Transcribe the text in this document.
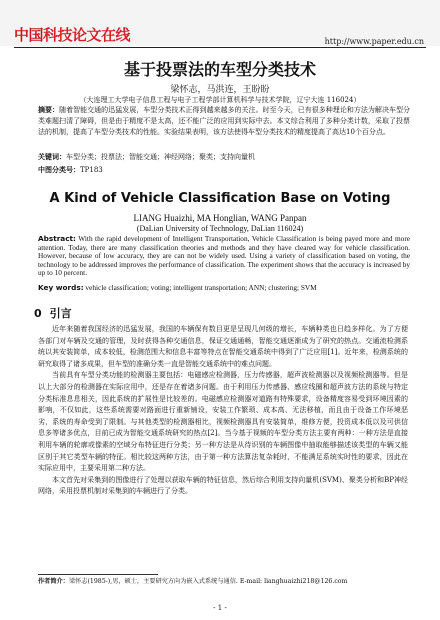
中国科技论文在线	http://www.paper.edu.cn
基于投票法的车型分类技术
梁怀志，马洪连，王盼盼
（大连理工大学电子信息工程与电子工程学部计算机科学与技术学院，辽宁大连 116024）
摘要：随着智能交通的迅猛发展，车型分类技术正得到越来越多的关注。时至今天，已有很多种理论和方法为解决车型分类难题扫清了障碍，但是由于精度不是太高，还不能广泛的应用到实际中去。本文综合利用了多种分类计数，采取了投票法的机制，提高了车型分类技术的性能。实验结果表明，该方法使得车型分类技术的精度提高了高达10个百分点。
关键词：车型分类；投票法；智能交通；神经网络；聚类；支持向量机
中图分类号：TP183
A Kind of Vehicle Classification Base on Voting
LIANG Huaizhi, MA Honglian, WANG Panpan
(DaLian University of Technology, DaLian 116024)
Abstract: With the rapid development of Intelligent Transportation, Vehicle Classification is being payed more and more attention. Today, there are many classification theories and methods and they have cleared way for vehicle classification. However, because of low accuracy, they are can not be widely used. Using a variety of classification based on voting, the technology to be addressed improves the performance of classification. The experiment shows that the accuracy is increased by up to 10 percent.
Key words: vehicle classification; voting; intelligent transportation; ANN; clustering; SVM
0 引言

近年来随着我国经济的迅猛发展，我国的车辆保有数目更是呈现几何级的增长，车辆种类也日趋多样化。为了方便各部门对车辆及交通的管理，及时获得各种交通信息，保证交通通畅，智能交通逐渐成为了研究的热点。交通流检测系统以其安装简单，成本较低，检测范围大和信息丰富等特点在智能交通系统中得到了广泛应用[1]。近年来，检测系统的研究取得了诸多成果，但车型的准确分类一直是智能交通系统中的难点问题。

当前具有车型分类功能的检测器主要包括：电磁感应检测器，压力传感器，超声波检测器以及视频检测器等。但是以上大部分的检测器在实际应用中，还是存在着诸多问题。由于利用压力传感器、感应线圈和超声波方法的系统与特定分类标准息息相关，因此系统的扩展性是比较差的。电磁感应检测器对道路有特殊要求，设备精度容易受到环境因素的影响，不仅如此，这些系统需要对路面进行重新铺设，安装工作繁琐、成本高、无法移植，而且由于设备工作环境恶劣，系统的寿命受到了限制。与其他类型的检测器相比，视频检测器具有安装简单，维修方便，投资成本低以及可供信息多等诸多优点，目前已成为智能交通系统研究的热点[2]。当今基于视频的车型分类方法主要有两种：一种方法是直接利用车辆的轮廓或像素的空域分布特征进行分类；另一种方法是从待识别的车辆图像中抽取能够描述该类型的车辆又能区别于其它类型车辆的特征。相比较这两种方法，由于第一种方法算法复杂耗时，不能满足系统实时性的要求，因此在实际应用中，主要采用第二种方法。

本文首先对采集到的图像进行了处理以获取车辆的特征信息，然后综合利用支持向量机(SVM)、聚类分析和BP神经网络，采用投票机制对采集到的车辆进行了分类。

作者简介：梁怀志(1985-),男，硕士，主要研究方向为嵌入式系统与通信. E-mail: lianghuaizhi218@126.com
- 1 -
